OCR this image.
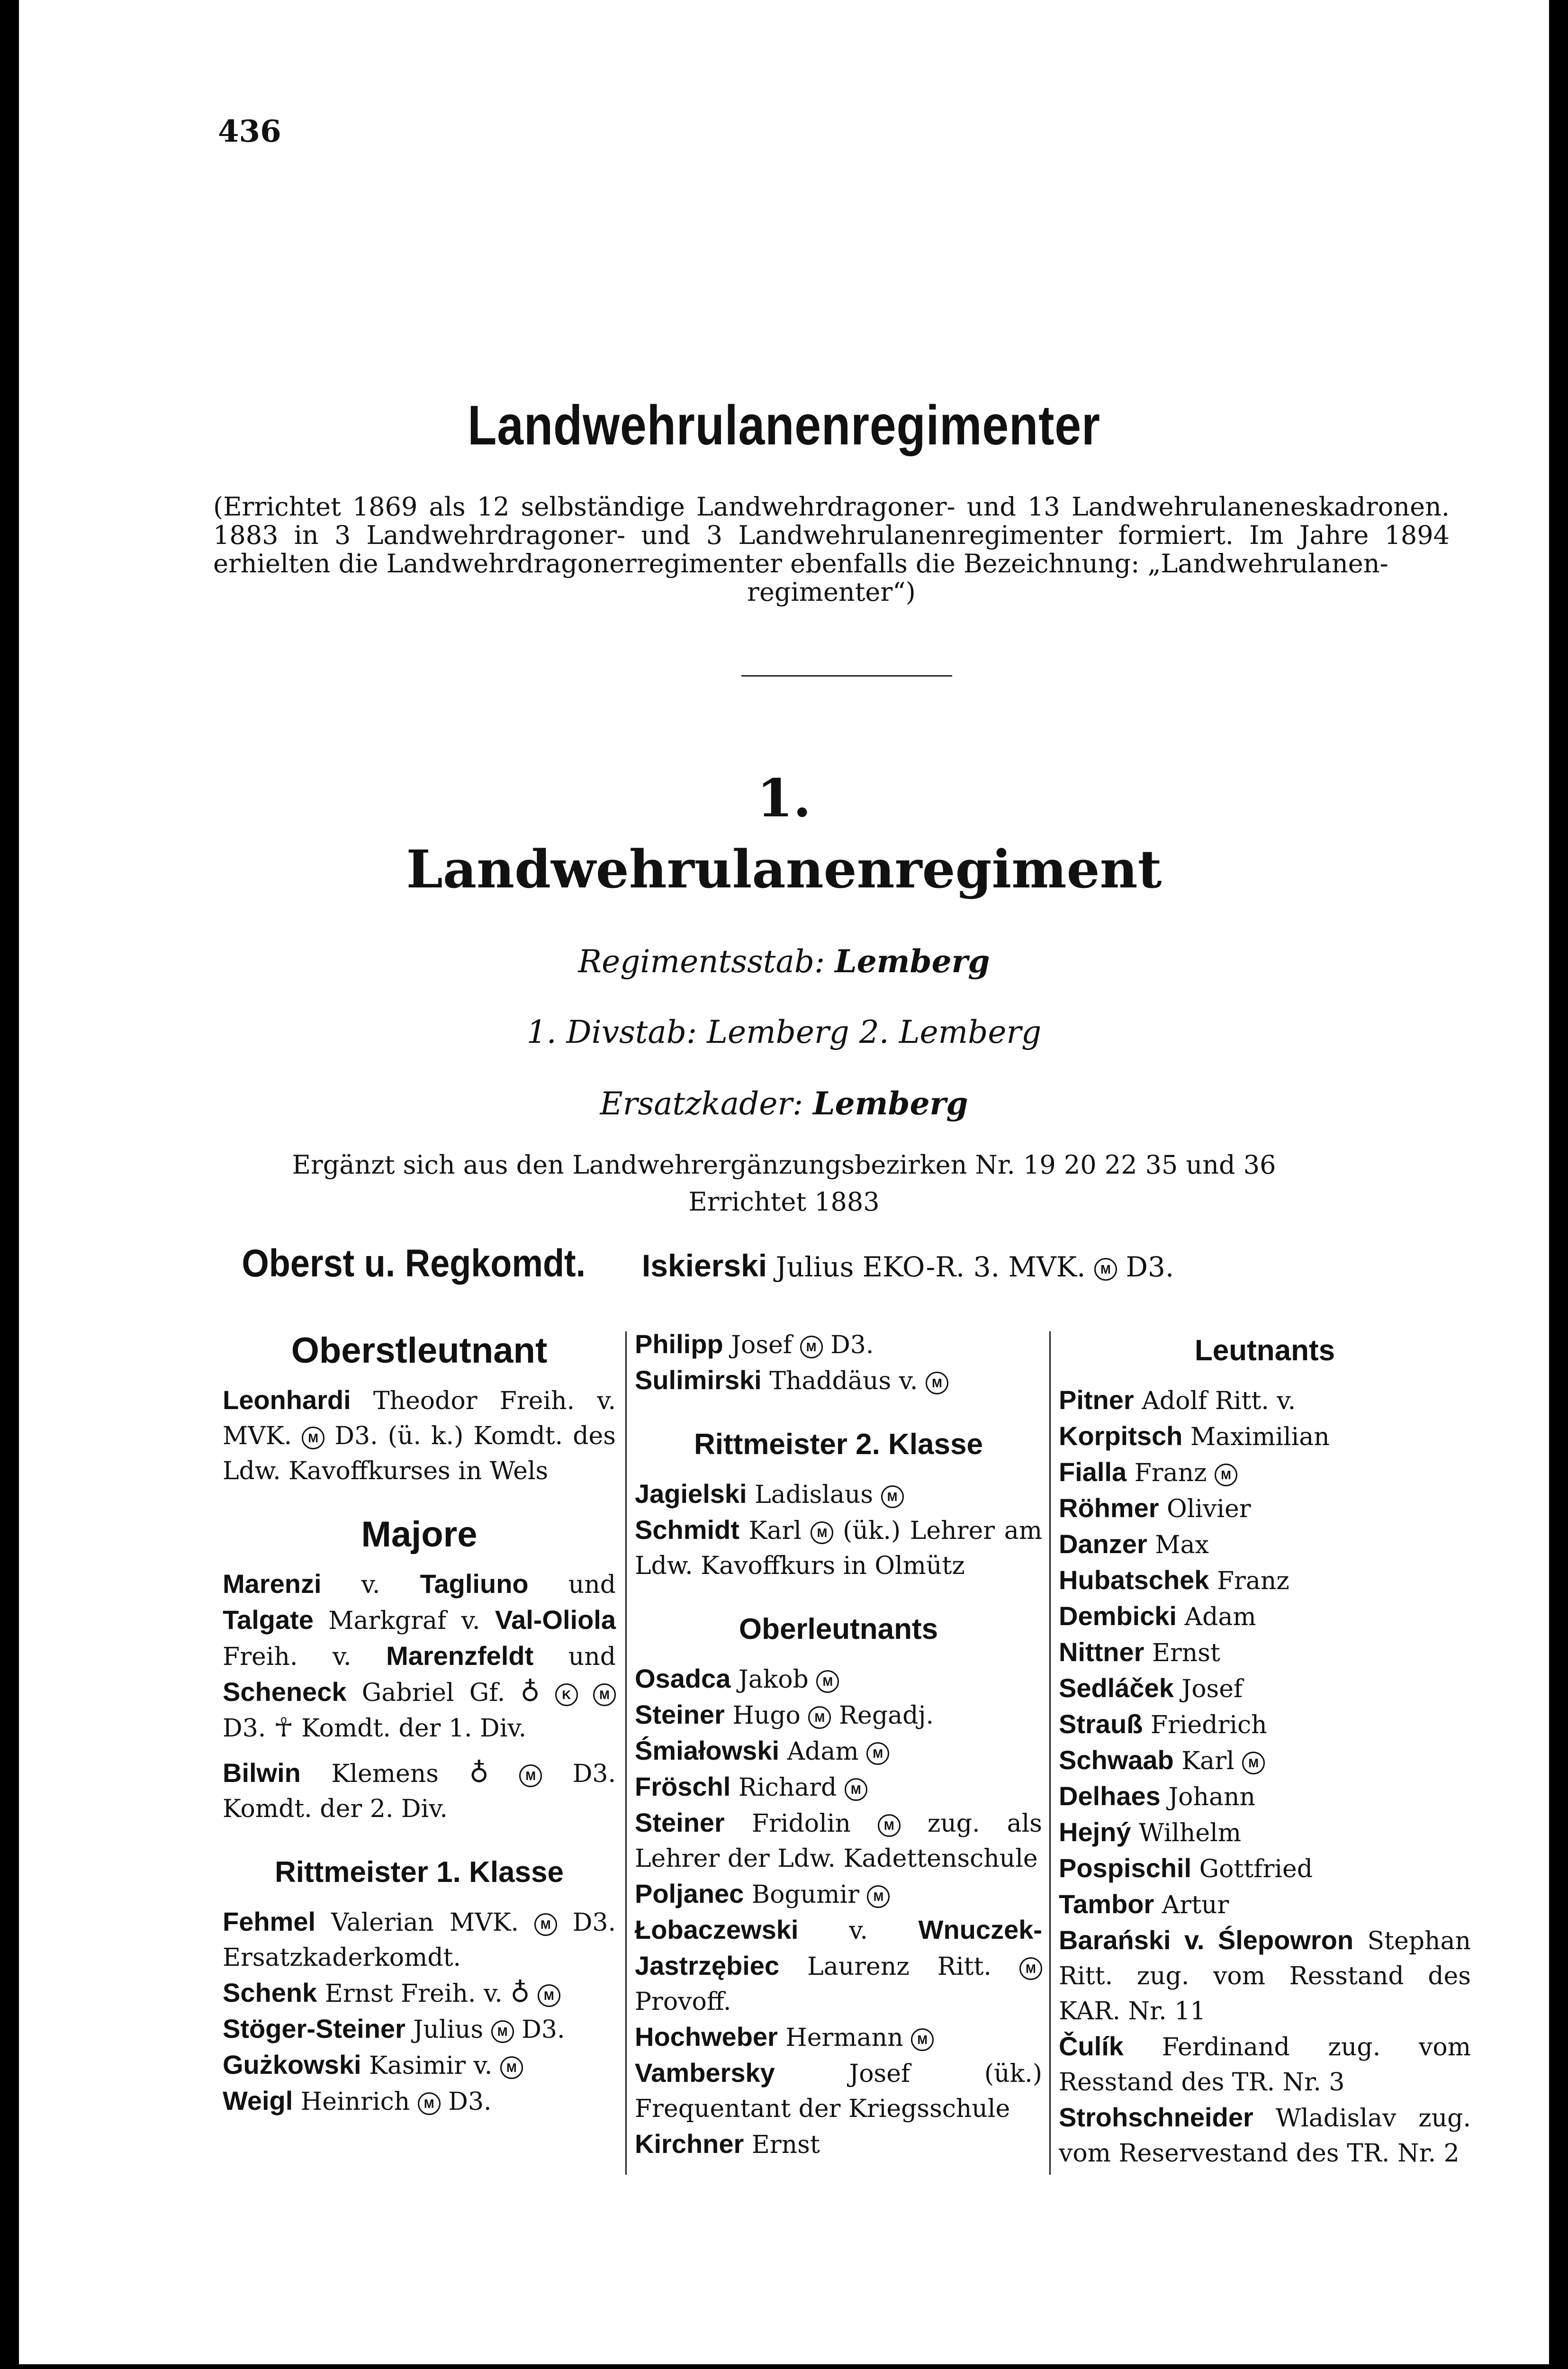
436
Landwehrulanenregimenter
(Errichtet 1869 als 12 selbständige Landwehrdragoner- und 13 Landwehrulaneneskadronen. 1883 in 3 Landwehrdragoner- und 3 Landwehrulanenregimenter formiert. Im Jahre 1894 erhielten die Landwehrdragonerregimenter ebenfalls die Bezeichnung: „Landwehrulanen-
regimenter“)
1.
Landwehrulanenregiment
Regimentsstab: Lemberg
1. Divstab: Lemberg 2. Lemberg
Ersatzkader: Lemberg
Ergänzt sich aus den Landwehrergänzungsbezirken Nr. 19 20 22 35 und 36
Errichtet 1883
Oberst u. Regkomdt. Iskierski Julius EKO-R. 3. MVK. M D3.
Oberstleutnant
Leonhardi Theodor Freih. v. MVK. M D3. (ü. k.) Komdt. des Ldw. Kavoffkurses in Wels
Majore
Marenzi v. Tagliuno und Talgate Markgraf v. Val-Oliola Freih. v. Marenzfeldt und Scheneck Gabriel Gf. ♁ K M D3. ☥ Komdt. der 1. Div.
Bilwin Klemens ♁	M D3. Komdt. der 2. Div.
Rittmeister 1. Klasse
Fehmel Valerian MVK. M D3. Ersatzkaderkomdt.
Schenk Ernst Freih. v. ♁ M
Stöger-Steiner Julius M D3.
Gużkowski Kasimir v. M
Weigl Heinrich M D3.
Philipp Josef M D3.
Sulimirski Thaddäus v. M
Rittmeister 2. Klasse
Jagielski Ladislaus M
Schmidt Karl M (ük.) Lehrer am Ldw. Kavoffkurs in Olmütz
Oberleutnants
Osadca Jakob M
Steiner Hugo M Regadj.
Śmiałowski Adam M
Fröschl Richard M
Steiner Fridolin	M zug. als Lehrer der Ldw. Kadettenschule
Poljanec Bogumir M
Łobaczewski v. Wnuczek-Jastrzębiec Laurenz Ritt.	M Provoff.
Hochweber Hermann M
Vambersky	Josef (ük.) Frequentant der Kriegsschule
Kirchner Ernst
Leutnants
Pitner Adolf Ritt. v.
Korpitsch Maximilian
Fialla Franz M
Röhmer Olivier
Danzer Max
Hubatschek Franz
Dembicki Adam
Nittner Ernst
Sedláček Josef
Strauß Friedrich
Schwaab Karl M
Delhaes Johann
Hejný Wilhelm
Pospischil Gottfried
Tambor Artur
Barański v. Ślepowron Stephan Ritt. zug. vom Resstand des KAR. Nr. 11
Čulík Ferdinand zug. vom Resstand des TR. Nr. 3
Strohschneider Wladislav zug. vom Reservestand des TR. Nr. 2
